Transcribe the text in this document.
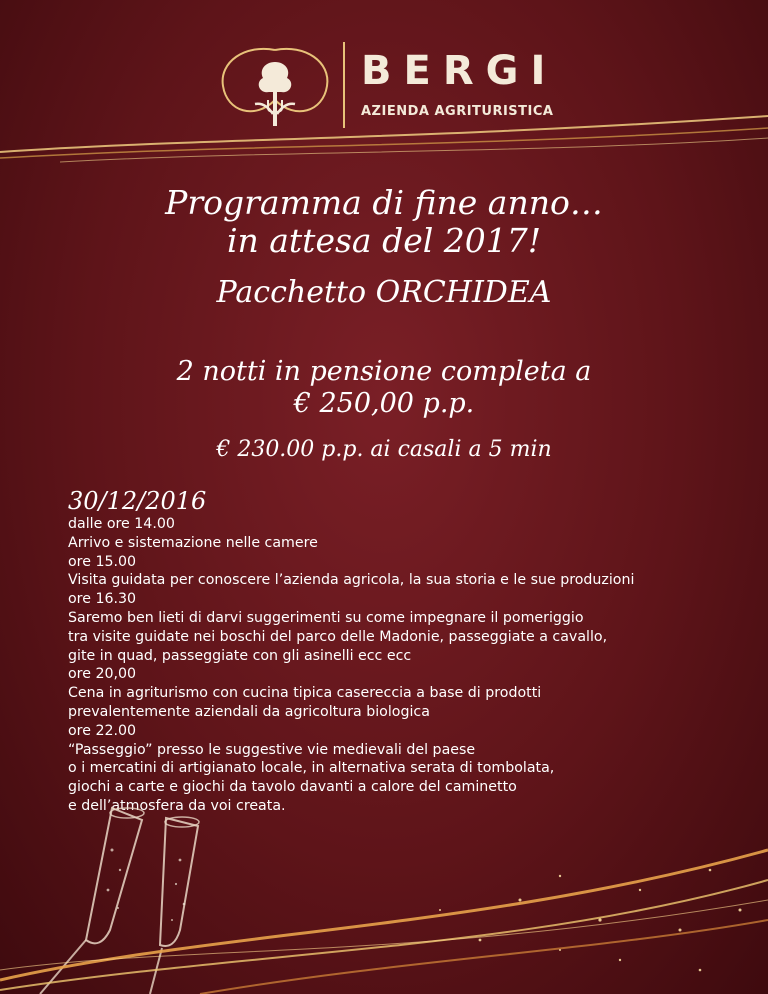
BERGI
AZIENDA AGRITURISTICA
Programma di fine anno…
in attesa del 2017!
Pacchetto ORCHIDEA
2 notti in pensione completa a
€ 250,00 p.p.
€ 230.00 p.p. ai casali a 5 min
30/12/2016
dalle ore 14.00
Arrivo e sistemazione nelle camere
ore 15.00
Visita guidata per conoscere l’azienda agricola, la sua storia e le sue produzioni
ore 16.30
Saremo ben lieti di darvi suggerimenti su come impegnare il pomeriggio
tra visite guidate nei boschi del parco delle Madonie, passeggiate a cavallo,
gite in quad, passeggiate con gli asinelli ecc ecc
ore 20,00
Cena in agriturismo con cucina tipica casereccia a base di prodotti
prevalentemente aziendali da agricoltura biologica
ore 22.00
“Passeggio” presso le suggestive vie medievali del paese
o i mercatini di artigianato locale, in alternativa serata di tombolata,
giochi a carte e giochi da tavolo davanti a calore del caminetto
e dell’atmosfera da voi creata.
